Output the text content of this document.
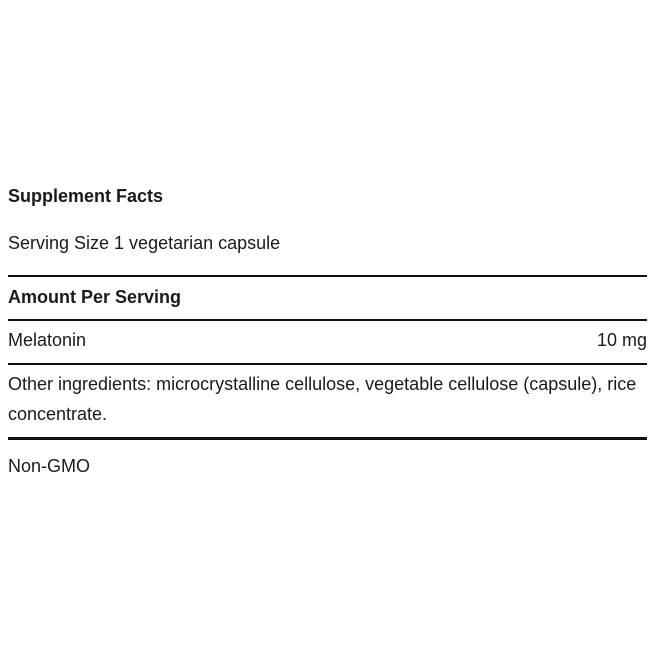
Supplement Facts
Serving Size 1 vegetarian capsule
Amount Per Serving
Melatonin	10 mg
Other ingredients: microcrystalline cellulose, vegetable cellulose (capsule), rice concentrate.
Non-GMO
